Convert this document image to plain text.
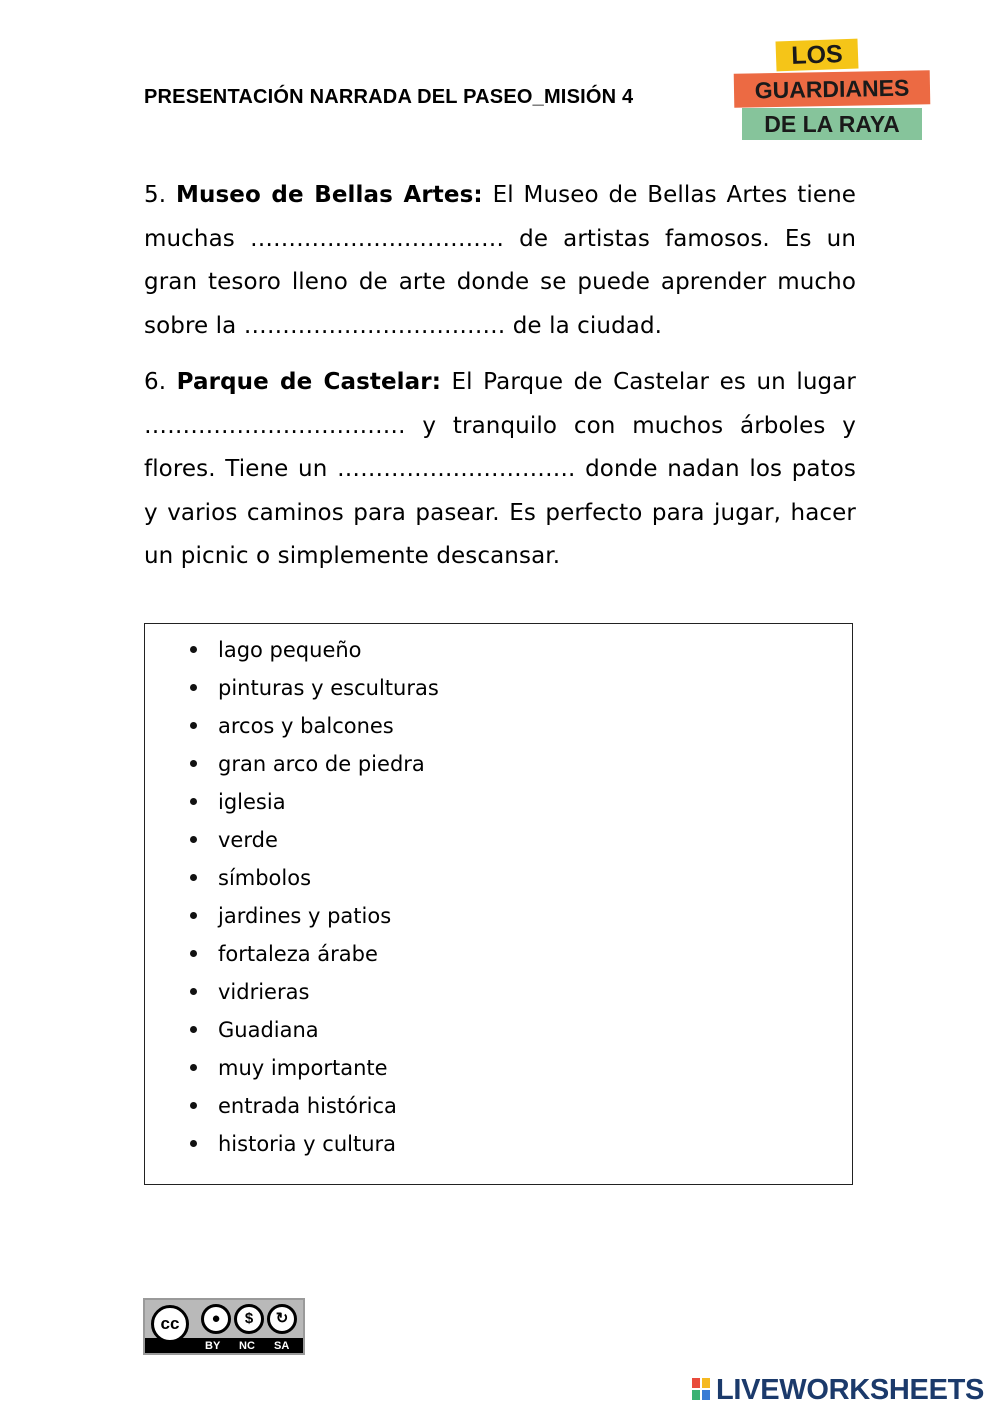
PRESENTACIÓN NARRADA DEL PASEO_MISIÓN 4
LOS
GUARDIANES
DE LA RAYA

5. Museo de Bellas Artes: El Museo de Bellas Artes tiene muchas …………………………… de artistas famosos. Es un gran tesoro lleno de arte donde se puede aprender mucho sobre la ……………………………. de la ciudad.

6. Parque de Castelar: El Parque de Castelar es un lugar ……………………………. y tranquilo con muchos árboles y flores. Tiene un …………………………. donde nadan los patos y varios caminos para pasear. Es perfecto para jugar, hacer un picnic o simplemente descansar.

lago pequeño
pinturas y esculturas
arcos y balcones
gran arco de piedra
iglesia
verde
símbolos
jardines y patios
fortaleza árabe
vidrieras
Guadiana
muy importante
entrada histórica
historia y cultura
cc	●	$	↻
BY NC SA
LIVEWORKSHEETS
